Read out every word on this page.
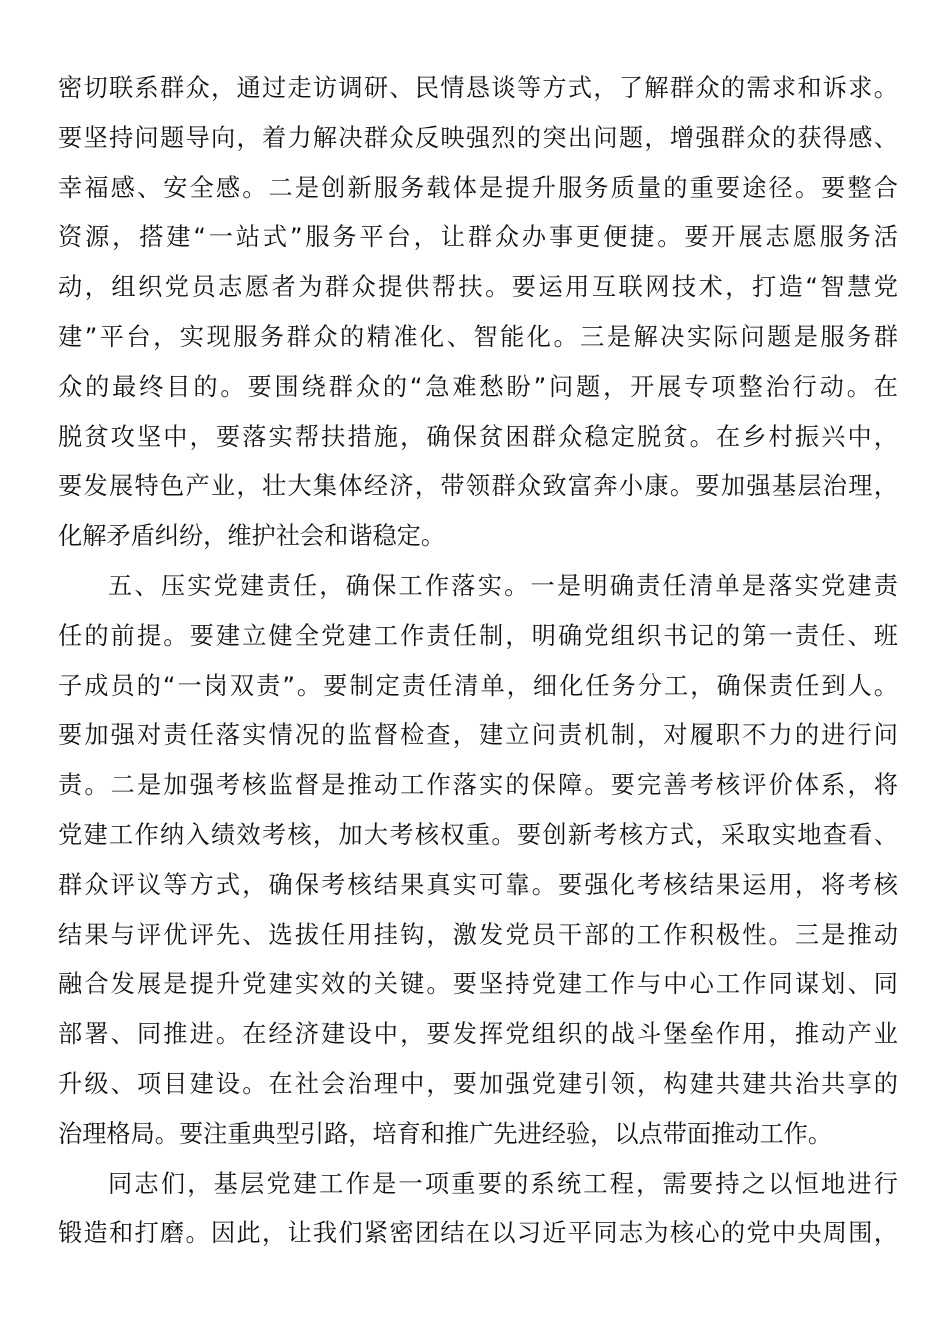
密切联系群众，通过走访调研、民情恳谈等方式，了解群众的需求和诉求。
要坚持问题导向，着力解决群众反映强烈的突出问题，增强群众的获得感、
幸福感、安全感。二是创新服务载体是提升服务质量的重要途径。要整合
资源，搭建“一站式”服务平台，让群众办事更便捷。要开展志愿服务活
动，组织党员志愿者为群众提供帮扶。要运用互联网技术，打造“智慧党
建”平台，实现服务群众的精准化、智能化。三是解决实际问题是服务群
众的最终目的。要围绕群众的“急难愁盼”问题，开展专项整治行动。在
脱贫攻坚中，要落实帮扶措施，确保贫困群众稳定脱贫。在乡村振兴中，
要发展特色产业，壮大集体经济，带领群众致富奔小康。要加强基层治理，
化解矛盾纠纷，维护社会和谐稳定。
五、压实党建责任，确保工作落实。一是明确责任清单是落实党建责
任的前提。要建立健全党建工作责任制，明确党组织书记的第一责任、班
子成员的“一岗双责”。要制定责任清单，细化任务分工，确保责任到人。
要加强对责任落实情况的监督检查，建立问责机制，对履职不力的进行问
责。二是加强考核监督是推动工作落实的保障。要完善考核评价体系，将
党建工作纳入绩效考核，加大考核权重。要创新考核方式，采取实地查看、
群众评议等方式，确保考核结果真实可靠。要强化考核结果运用，将考核
结果与评优评先、选拔任用挂钩，激发党员干部的工作积极性。三是推动
融合发展是提升党建实效的关键。要坚持党建工作与中心工作同谋划、同
部署、同推进。在经济建设中，要发挥党组织的战斗堡垒作用，推动产业
升级、项目建设。在社会治理中，要加强党建引领，构建共建共治共享的
治理格局。要注重典型引路，培育和推广先进经验，以点带面推动工作。
同志们，基层党建工作是一项重要的系统工程，需要持之以恒地进行
锻造和打磨。因此，让我们紧密团结在以习近平同志为核心的党中央周围，
